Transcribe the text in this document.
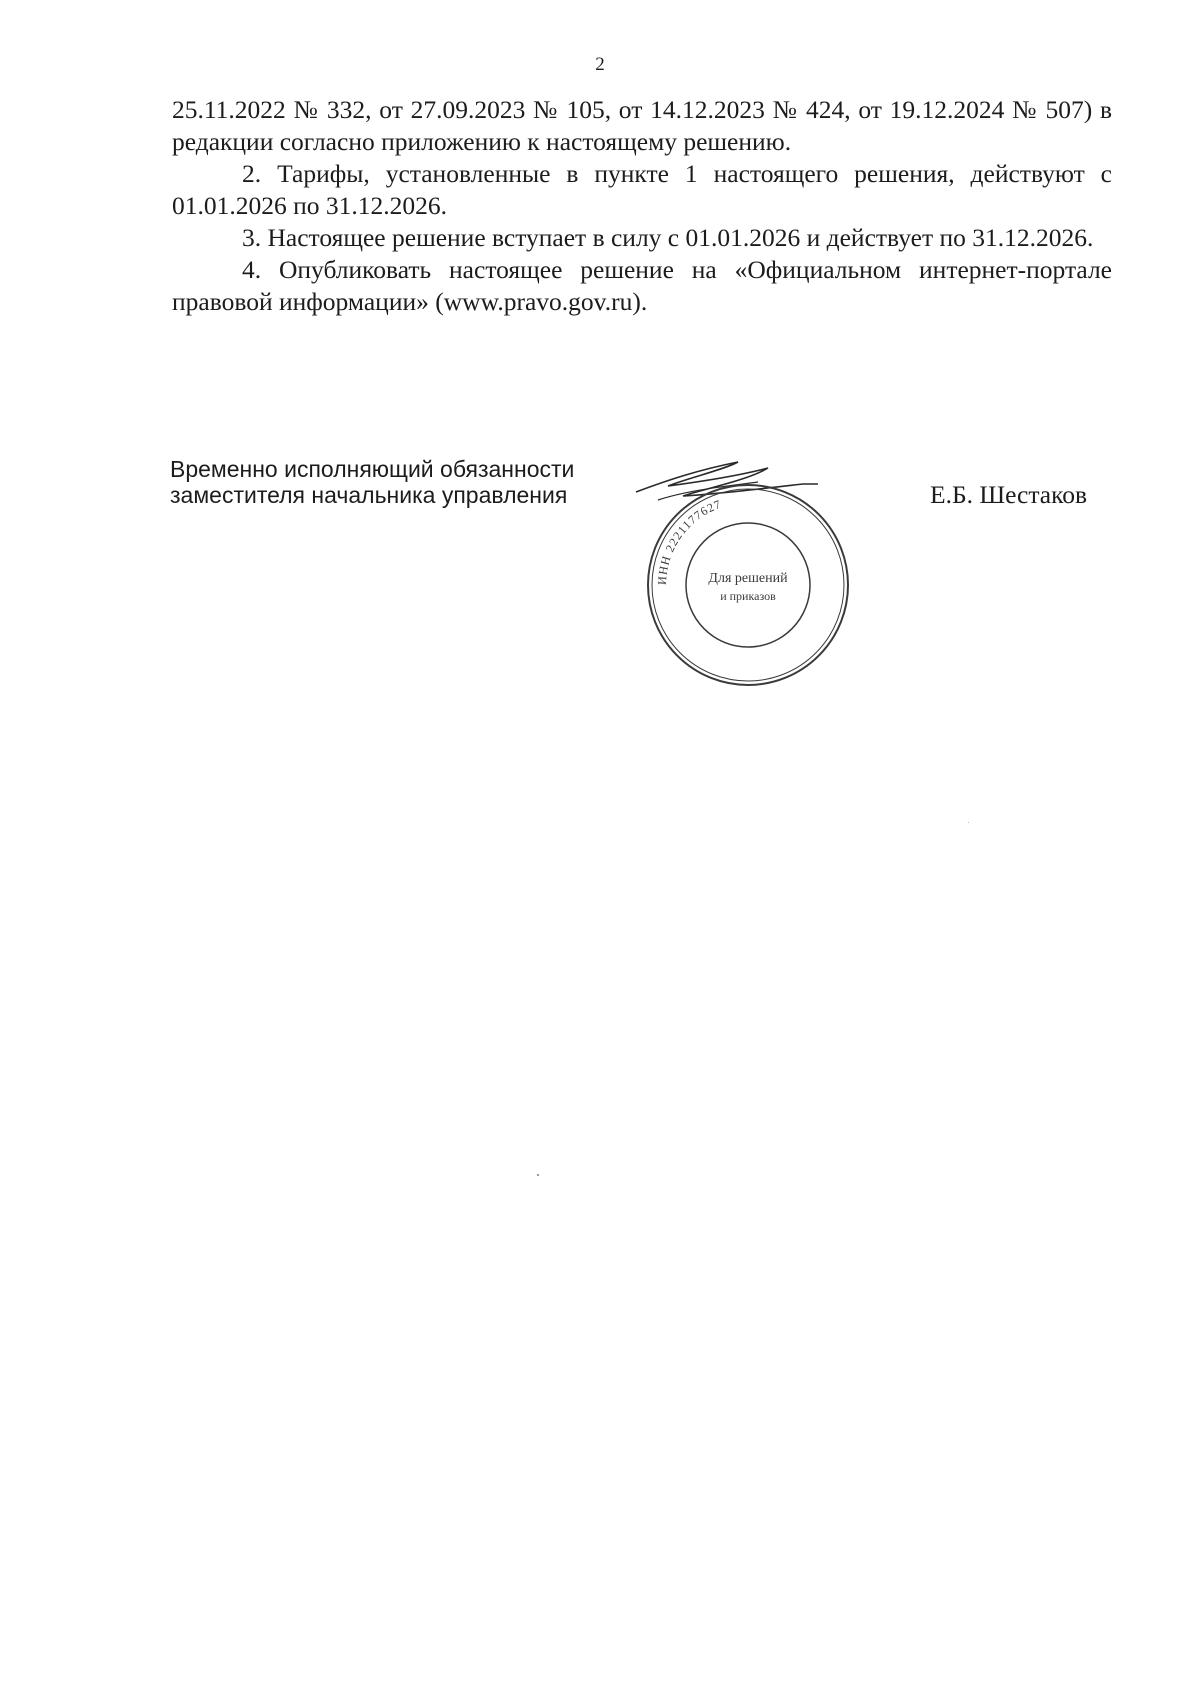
2

25.11.2022 № 332, от 27.09.2023 № 105, от 14.12.2023 № 424, от 19.12.2024 № 507) в редакции согласно приложению к настоящему решению.

2. Тарифы, установленные в пункте 1 настоящего решения, действуют с 01.01.2026 по 31.12.2026.

3. Настоящее решение вступает в силу с 01.01.2026 и действует по 31.12.2026.

4. Опубликовать настоящее решение на «Официальном интернет-портале правовой информации» (www.pravo.gov.ru).

Временно исполняющий обязанности
заместителя начальника управления
ИНН 2221177627
Для решений
и приказов
Е.Б. Шестаков
